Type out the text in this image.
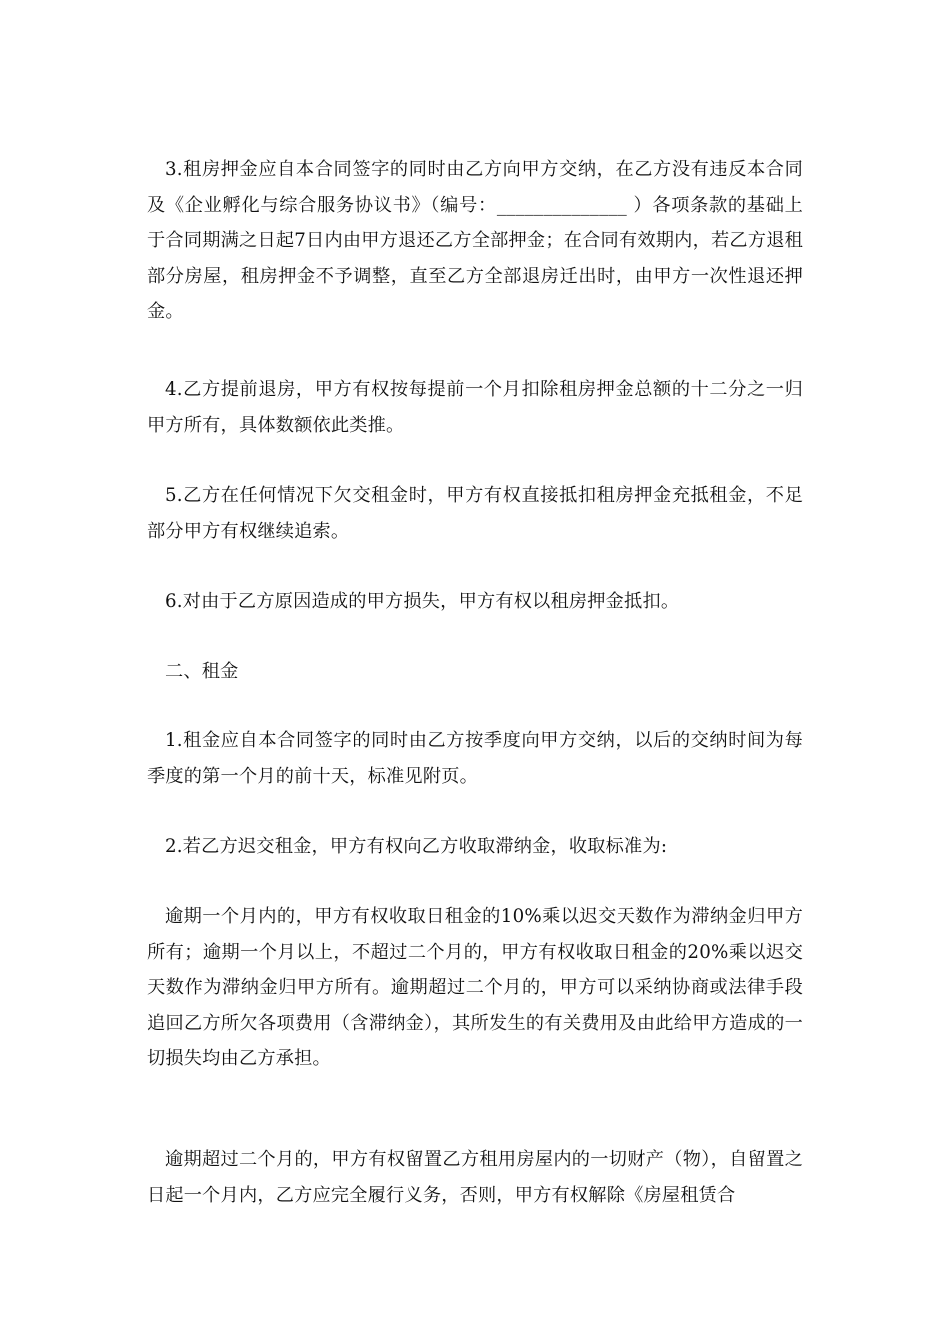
3.租房押金应自本合同签字的同时由乙方向甲方交纳，在乙方没有违反本合同及《企业孵化与综合服务协议书》（编号：______________ ）各项条款的基础上于合同期满之日起7日内由甲方退还乙方全部押金；在合同有效期内，若乙方退租部分房屋，租房押金不予调整，直至乙方全部退房迁出时，由甲方一次性退还押金。

4.乙方提前退房，甲方有权按每提前一个月扣除租房押金总额的十二分之一归甲方所有，具体数额依此类推。

5.乙方在任何情况下欠交租金时，甲方有权直接抵扣租房押金充抵租金，不足部分甲方有权继续追索。

6.对由于乙方原因造成的甲方损失，甲方有权以租房押金抵扣。

二、租金

1.租金应自本合同签字的同时由乙方按季度向甲方交纳，以后的交纳时间为每季度的第一个月的前十天，标准见附页。

2.若乙方迟交租金，甲方有权向乙方收取滞纳金，收取标准为:

逾期一个月内的，甲方有权收取日租金的10%乘以迟交天数作为滞纳金归甲方所有；逾期一个月以上，不超过二个月的，甲方有权收取日租金的20%乘以迟交天数作为滞纳金归甲方所有。逾期超过二个月的，甲方可以采纳协商或法律手段追回乙方所欠各项费用（含滞纳金），其所发生的有关费用及由此给甲方造成的一切损失均由乙方承担。

逾期超过二个月的，甲方有权留置乙方租用房屋内的一切财产（物），自留置之日起一个月内，乙方应完全履行义务，否则，甲方有权解除《房屋租赁合
